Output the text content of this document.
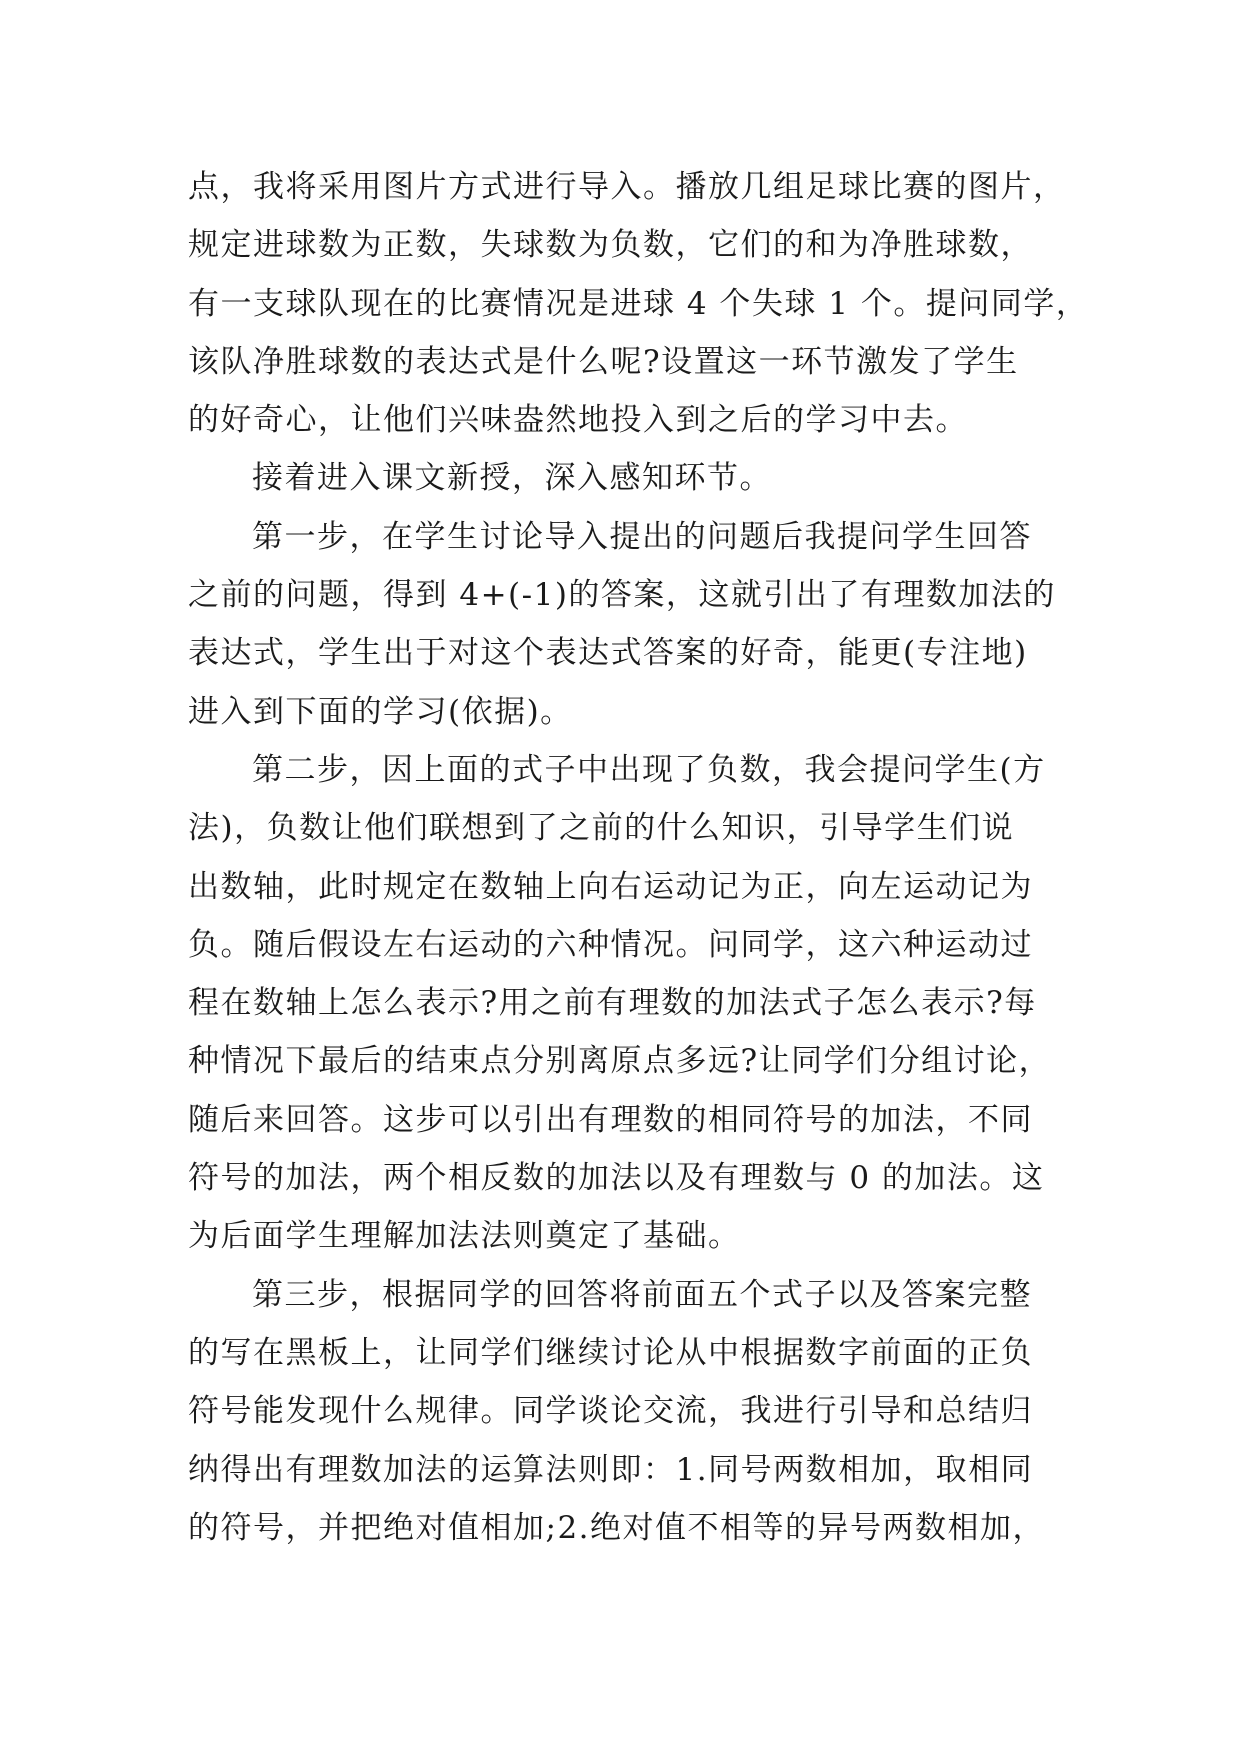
点，我将采用图片方式进行导入。播放几组足球比赛的图片，
规定进球数为正数，失球数为负数，它们的和为净胜球数，
有一支球队现在的比赛情况是进球 4 个失球 1 个。提问同学，
该队净胜球数的表达式是什么呢?设置这一环节激发了学生
的好奇心，让他们兴味盎然地投入到之后的学习中去。
接着进入课文新授，深入感知环节。
第一步，在学生讨论导入提出的问题后我提问学生回答
之前的问题，得到 4+(-1)的答案，这就引出了有理数加法的
表达式，学生出于对这个表达式答案的好奇，能更(专注地)
进入到下面的学习(依据)。
第二步，因上面的式子中出现了负数，我会提问学生(方
法)，负数让他们联想到了之前的什么知识，引导学生们说
出数轴，此时规定在数轴上向右运动记为正，向左运动记为
负。随后假设左右运动的六种情况。问同学，这六种运动过
程在数轴上怎么表示?用之前有理数的加法式子怎么表示?每
种情况下最后的结束点分别离原点多远?让同学们分组讨论，
随后来回答。这步可以引出有理数的相同符号的加法，不同
符号的加法，两个相反数的加法以及有理数与 0 的加法。这
为后面学生理解加法法则奠定了基础。
第三步，根据同学的回答将前面五个式子以及答案完整
的写在黑板上，让同学们继续讨论从中根据数字前面的正负
符号能发现什么规律。同学谈论交流，我进行引导和总结归
纳得出有理数加法的运算法则即：1.同号两数相加，取相同
的符号，并把绝对值相加;2.绝对值不相等的异号两数相加，
